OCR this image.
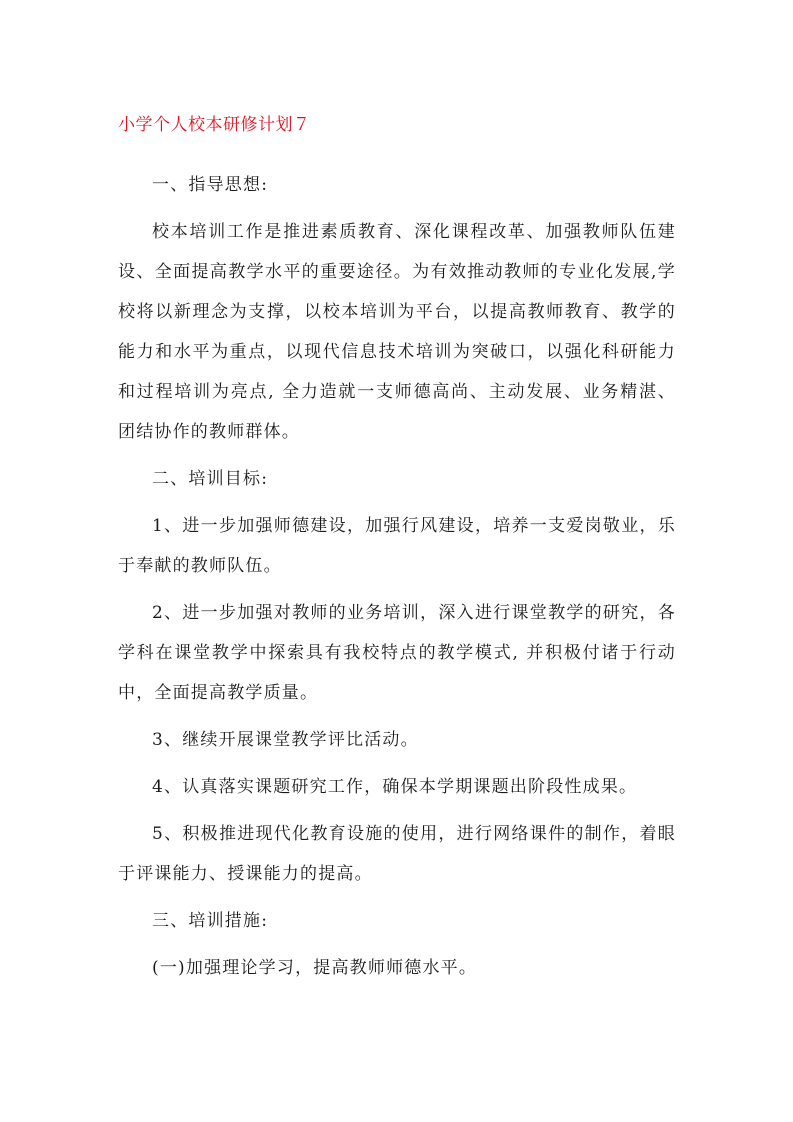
小学个人校本研修计划７

一、指导思想:

校本培训工作是推进素质教育、深化课程改革、加强教师队伍建设、全面提高教学水平的重要途径。为有效推动教师的专业化发展,学校将以新理念为支撑，以校本培训为平台，以提高教师教育、教学的能力和水平为重点，以现代信息技术培训为突破口，以强化科研能力和过程培训为亮点, 全力造就一支师德高尚、主动发展、业务精湛、团结协作的教师群体。

二、培训目标:

1、进一步加强师德建设，加强行风建设，培养一支爱岗敬业，乐于奉献的教师队伍。

2、进一步加强对教师的业务培训，深入进行课堂教学的研究，各学科在课堂教学中探索具有我校特点的教学模式, 并积极付诸于行动中，全面提高教学质量。

3、继续开展课堂教学评比活动。

4、认真落实课题研究工作，确保本学期课题出阶段性成果。

5、积极推进现代化教育设施的使用，进行网络课件的制作，着眼于评课能力、授课能力的提高。

三、培训措施:

(一)加强理论学习，提高教师师德水平。
